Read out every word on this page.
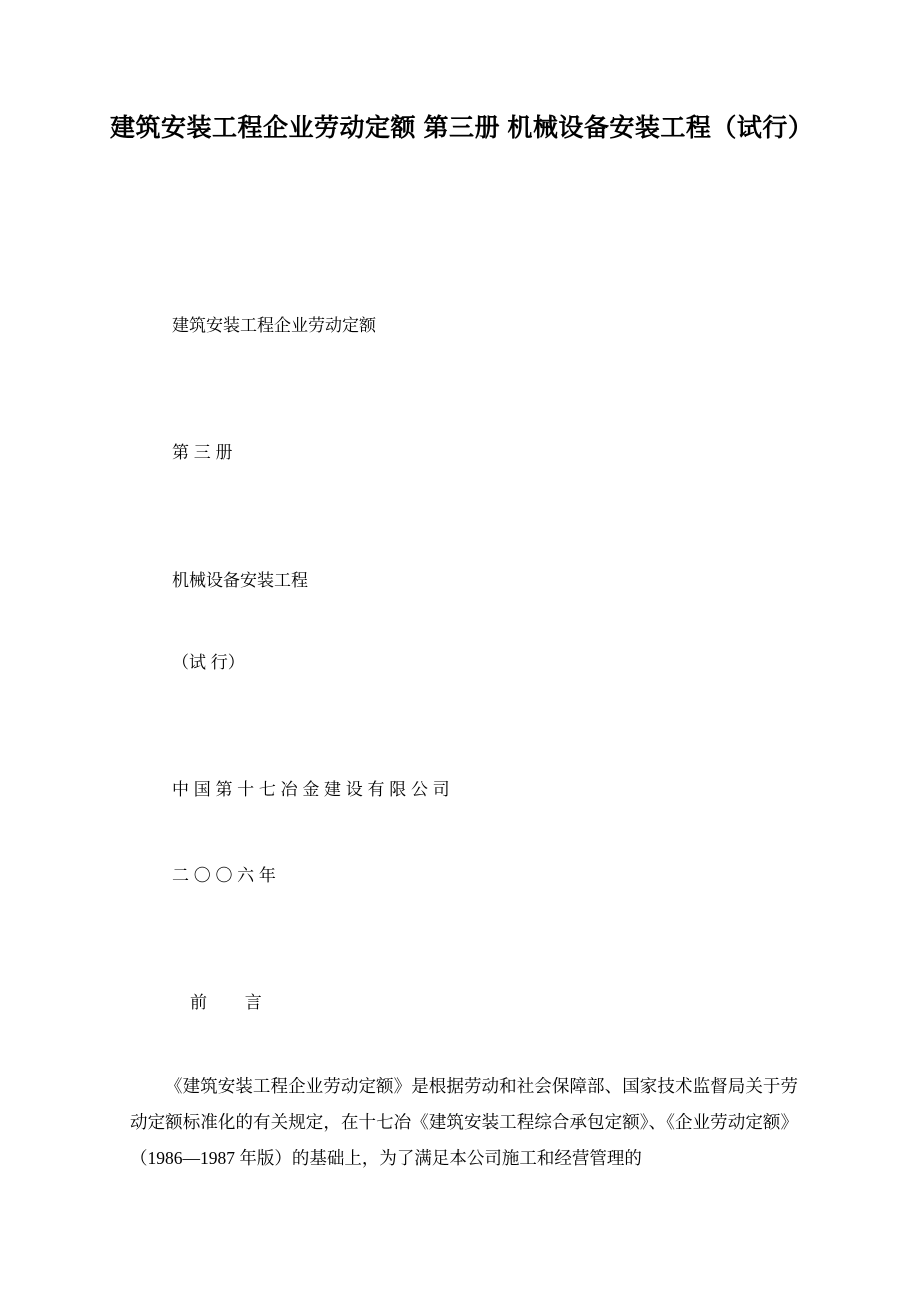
建筑安装工程企业劳动定额 第三册 机械设备安装工程（试行）
建筑安装工程企业劳动定额
第 三 册
机械设备安装工程
（试 行）
中 国 第 十 七 冶 金 建 设 有 限 公 司
二 〇 〇 六 年
前        言
《建筑安装工程企业劳动定额》是根据劳动和社会保障部、国家技术监督局关于劳动定额标准化的有关规定，在十七冶《建筑安装工程综合承包定额》、《企业劳动定额》（1986—1987 年版）的基础上，为了满足本公司施工和经营管理的
